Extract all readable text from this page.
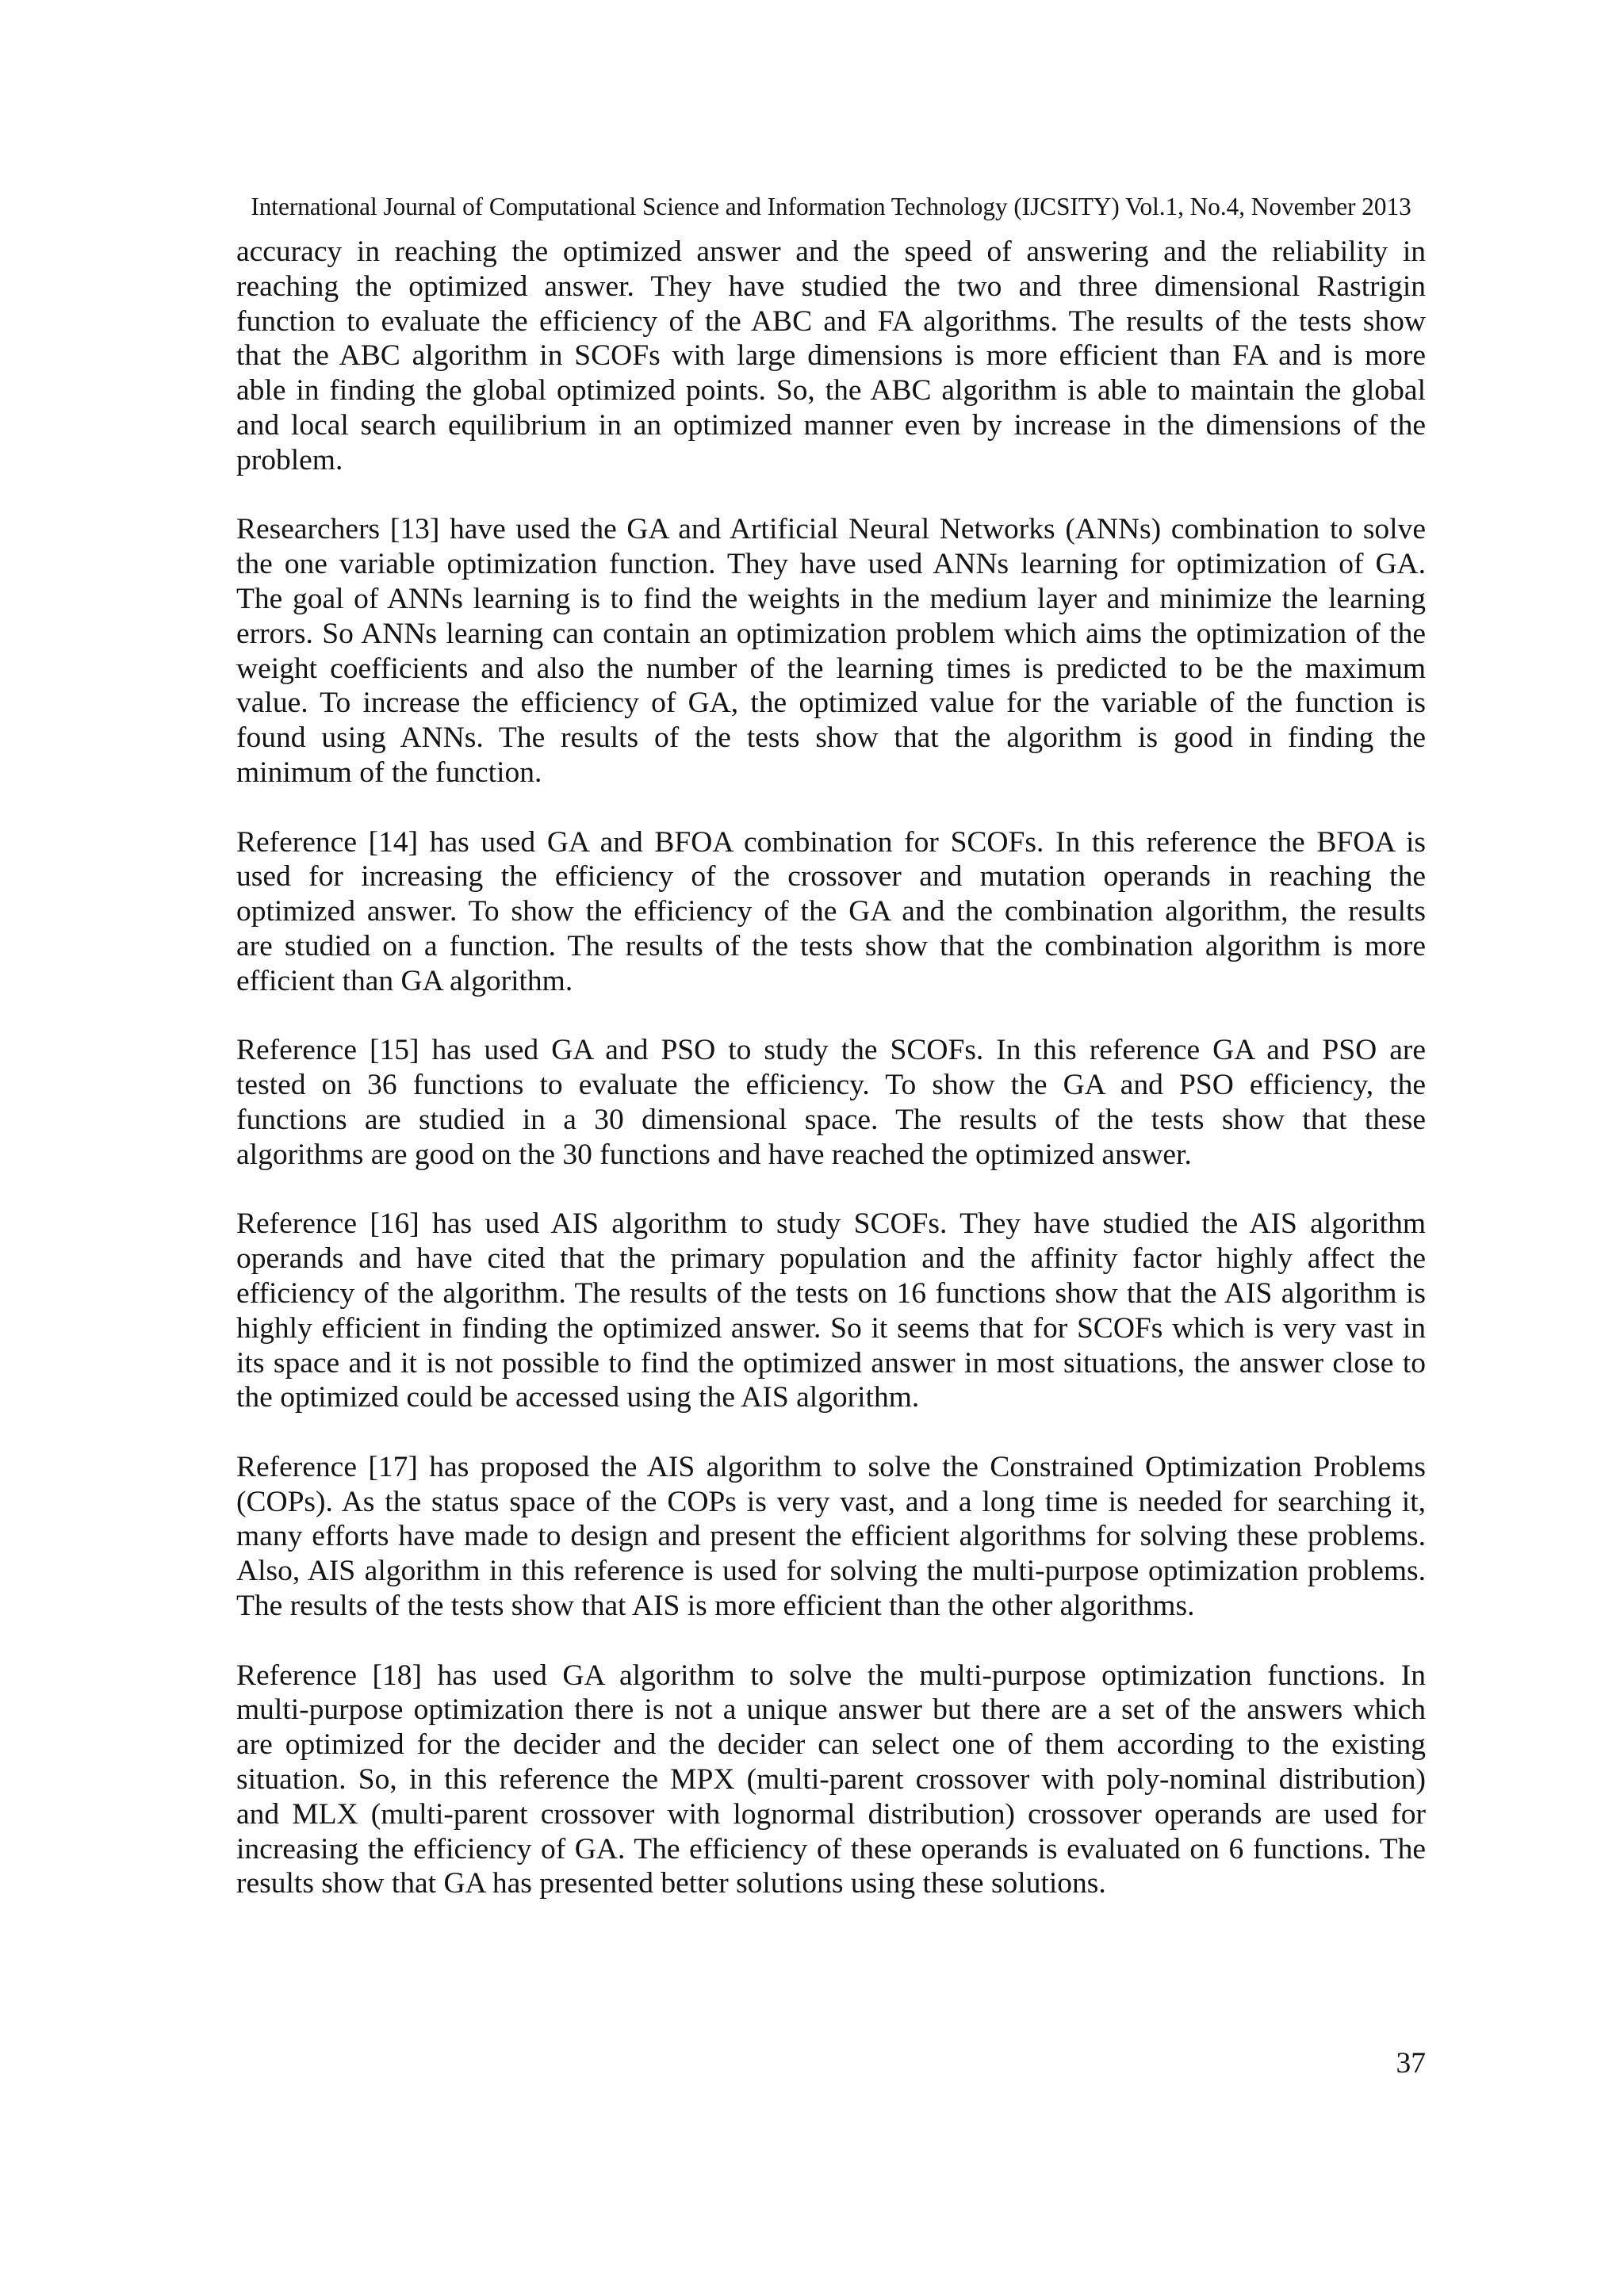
International Journal of Computational Science and Information Technology (IJCSITY) Vol.1, No.4, November 2013
accuracy in reaching the optimized answer and the speed of answering and the reliability in
reaching the optimized answer. They have studied the two and three dimensional Rastrigin
function to evaluate the efficiency of the ABC and FA algorithms. The results of the tests show
that the ABC algorithm in SCOFs with large dimensions is more efficient than FA and is more
able in finding the global optimized points. So, the ABC algorithm is able to maintain the global
and local search equilibrium in an optimized manner even by increase in the dimensions of the
problem.
Researchers [13] have used the GA and Artificial Neural Networks (ANNs) combination to solve
the one variable optimization function. They have used ANNs learning for optimization of GA.
The goal of ANNs learning is to find the weights in the medium layer and minimize the learning
errors. So ANNs learning can contain an optimization problem which aims the optimization of the
weight coefficients and also the number of the learning times is predicted to be the maximum
value. To increase the efficiency of GA, the optimized value for the variable of the function is
found using ANNs. The results of the tests show that the algorithm is good in finding the
minimum of the function.
Reference [14] has used GA and BFOA combination for SCOFs. In this reference the BFOA is
used for increasing the efficiency of the crossover and mutation operands in reaching the
optimized answer. To show the efficiency of the GA and the combination algorithm, the results
are studied on a function. The results of the tests show that the combination algorithm is more
efficient than GA algorithm.
Reference [15] has used GA and PSO to study the SCOFs. In this reference GA and PSO are
tested on 36 functions to evaluate the efficiency. To show the GA and PSO efficiency, the
functions are studied in a 30 dimensional space. The results of the tests show that these
algorithms are good on the 30 functions and have reached the optimized answer.
Reference [16] has used AIS algorithm to study SCOFs. They have studied the AIS algorithm
operands and have cited that the primary population and the affinity factor highly affect the
efficiency of the algorithm. The results of the tests on 16 functions show that the AIS algorithm is
highly efficient in finding the optimized answer. So it seems that for SCOFs which is very vast in
its space and it is not possible to find the optimized answer in most situations, the answer close to
the optimized could be accessed using the AIS algorithm.
Reference [17] has proposed the AIS algorithm to solve the Constrained Optimization Problems
(COPs). As the status space of the COPs is very vast, and a long time is needed for searching it,
many efforts have made to design and present the efficient algorithms for solving these problems.
Also, AIS algorithm in this reference is used for solving the multi-purpose optimization problems.
The results of the tests show that AIS is more efficient than the other algorithms.
Reference [18] has used GA algorithm to solve the multi-purpose optimization functions. In
multi-purpose optimization there is not a unique answer but there are a set of the answers which
are optimized for the decider and the decider can select one of them according to the existing
situation. So, in this reference the MPX (multi-parent crossover with poly-nominal distribution)
and MLX (multi-parent crossover with lognormal distribution) crossover operands are used for
increasing the efficiency of GA. The efficiency of these operands is evaluated on 6 functions. The
results show that GA has presented better solutions using these solutions.
37
